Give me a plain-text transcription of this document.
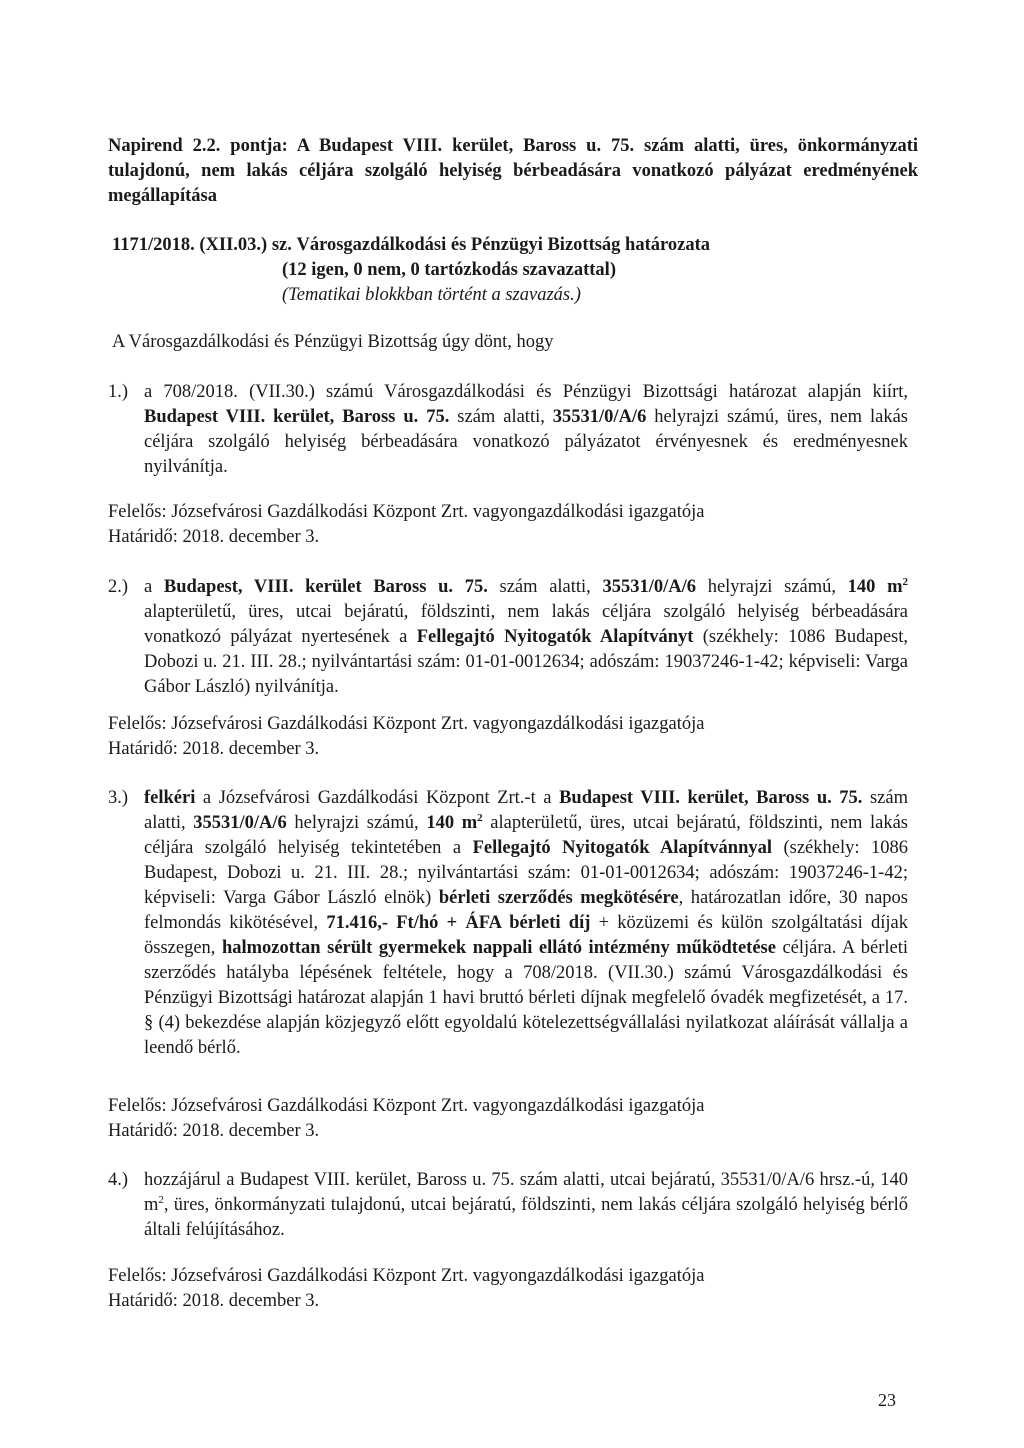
Napirend 2.2. pontja: A Budapest VIII. kerület, Baross u. 75. szám alatti, üres, önkormányzati tulajdonú, nem lakás céljára szolgáló helyiség bérbeadására vonatkozó pályázat eredményének megállapítása

1171/2018. (XII.03.) sz. Városgazdálkodási és Pénzügyi Bizottság határozata

(12 igen, 0 nem, 0 tartózkodás szavazattal)
(Tematikai blokkban történt a szavazás.)

A Városgazdálkodási és Pénzügyi Bizottság úgy dönt, hogy

1.) a 708/2018. (VII.30.) számú Városgazdálkodási és Pénzügyi Bizottsági határozat alapján kiírt, Budapest VIII. kerület, Baross u. 75. szám alatti, 35531/0/A/6 helyrajzi számú, üres, nem lakás céljára szolgáló helyiség bérbeadására vonatkozó pályázatot érvényesnek és eredményesnek nyilvánítja.
Felelős: Józsefvárosi Gazdálkodási Központ Zrt. vagyongazdálkodási igazgatója
Határidő: 2018. december 3.
2.) a Budapest, VIII. kerület Baross u. 75. szám alatti, 35531/0/A/6 helyrajzi számú, 140 $m^2$ alapterületű, üres, utcai bejáratú, földszinti, nem lakás céljára szolgáló helyiség bérbeadására vonatkozó pályázat nyertesének a Fellegajtó Nyitogatók Alapítványt (székhely: 1086 Budapest, Dobozi u. 21. III. 28.; nyilvántartási szám: 01-01-0012634; adószám: 19037246-1-42; képviseli: Varga Gábor László) nyilvánítja.
Felelős: Józsefvárosi Gazdálkodási Központ Zrt. vagyongazdálkodási igazgatója
Határidő: 2018. december 3.
3.) felkéri a Józsefvárosi Gazdálkodási Központ Zrt.-t a Budapest VIII. kerület, Baross u. 75. szám alatti, 35531/0/A/6 helyrajzi számú, 140 $m^2$ alapterületű, üres, utcai bejáratú, földszinti, nem lakás céljára szolgáló helyiség tekintetében a Fellegajtó Nyitogatók Alapítvánnyal (székhely: 1086 Budapest, Dobozi u. 21. III. 28.; nyilvántartási szám: 01-01-0012634; adószám: 19037246-1-42; képviseli: Varga Gábor László elnök) bérleti szerződés megkötésére, határozatlan időre, 30 napos felmondás kikötésével, 71.416,- Ft/hó + ÁFA bérleti díj + közüzemi és külön szolgáltatási díjak összegen, halmozottan sérült gyermekek nappali ellátó intézmény működtetése céljára. A bérleti szerződés hatályba lépésének feltétele, hogy a 708/2018. (VII.30.) számú Városgazdálkodási és Pénzügyi Bizottsági határozat alapján 1 havi bruttó bérleti díjnak megfelelő óvadék megfizetését, a 17. § (4) bekezdése alapján közjegyző előtt egyoldalú kötelezettségvállalási nyilatkozat aláírását vállalja a leendő bérlő.
Felelős: Józsefvárosi Gazdálkodási Központ Zrt. vagyongazdálkodási igazgatója
Határidő: 2018. december 3.
4.) hozzájárul a Budapest VIII. kerület, Baross u. 75. szám alatti, utcai bejáratú, 35531/0/A/6 hrsz.-ú, 140 $m^2$, üres, önkormányzati tulajdonú, utcai bejáratú, földszinti, nem lakás céljára szolgáló helyiség bérlő általi felújításához.
Felelős: Józsefvárosi Gazdálkodási Központ Zrt. vagyongazdálkodási igazgatója
Határidő: 2018. december 3.
23
